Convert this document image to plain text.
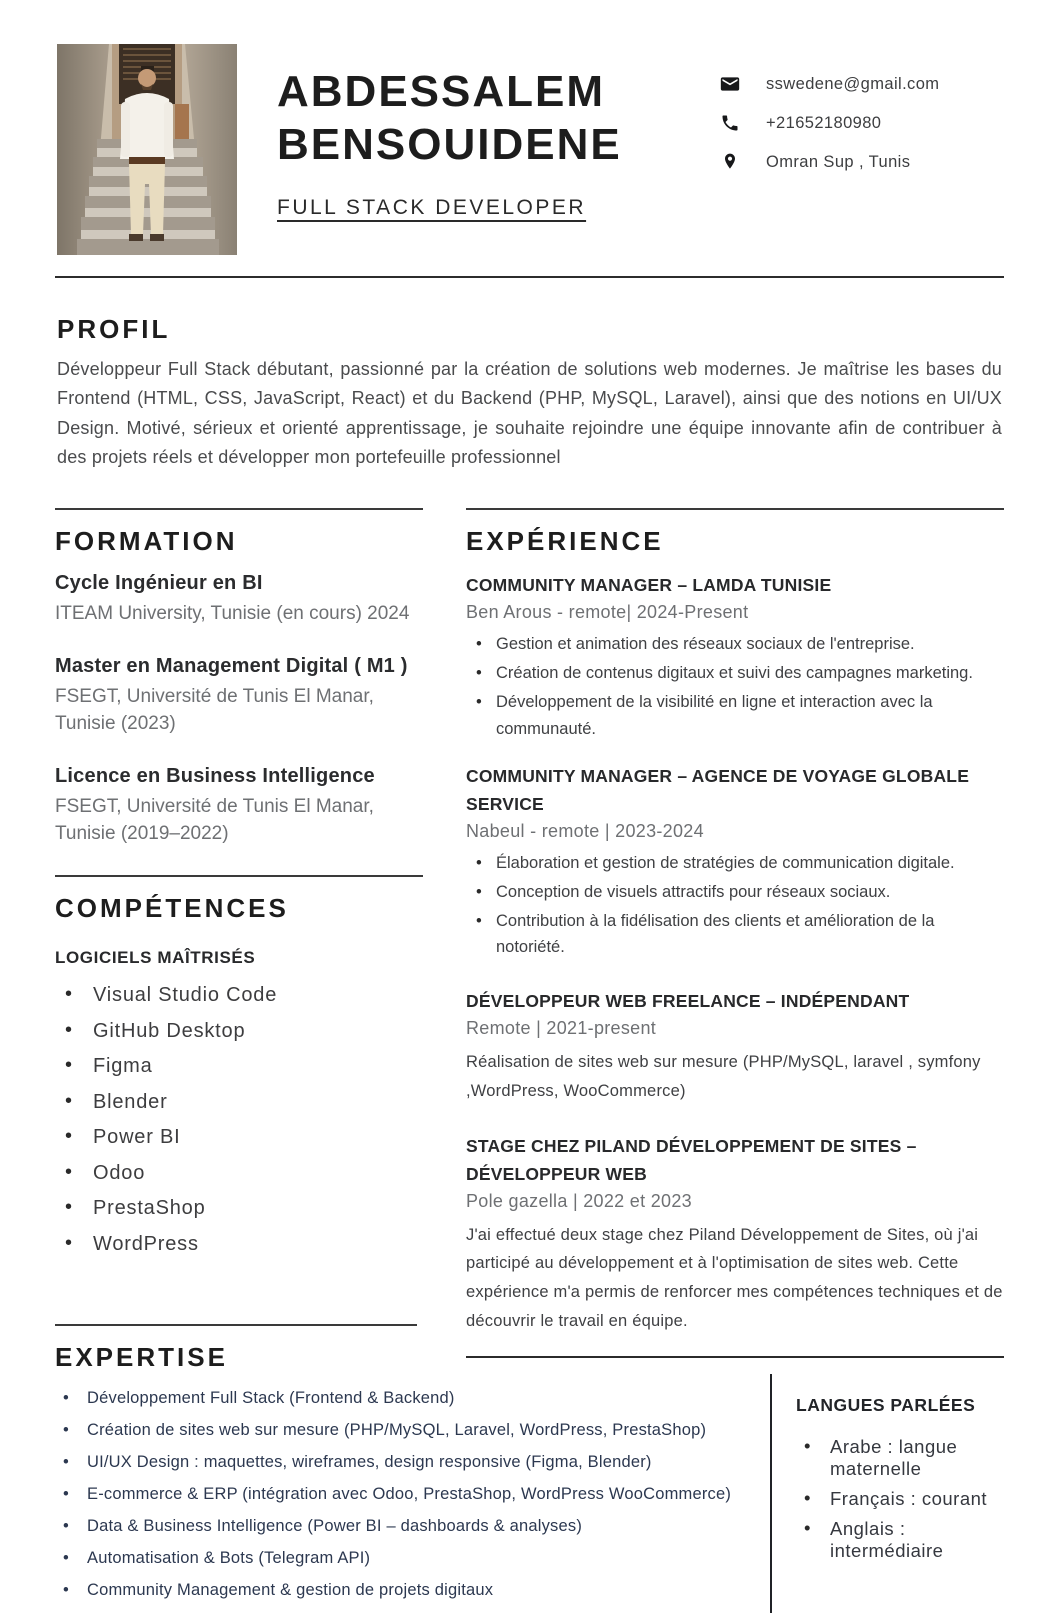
ABDESSALEM
BENSOUIDENE
FULL STACK DEVELOPER
sswedene@gmail.com
+21652180980
Omran Sup , Tunis
PROFIL

Développeur Full Stack débutant, passionné par la création de solutions web modernes. Je maîtrise les bases du Frontend (HTML, CSS, JavaScript, React) et du Backend (PHP, MySQL, Laravel), ainsi que des notions en UI/UX Design. Motivé, sérieux et orienté apprentissage, je souhaite rejoindre une équipe innovante afin de contribuer à des projets réels et développer mon portefeuille professionnel

FORMATION
Cycle Ingénieur en BI
ITEAM University, Tunisie (en cours) 2024
Master en Management Digital ( M1 )
FSEGT, Université de Tunis El Manar, Tunisie (2023)
Licence en Business Intelligence
FSEGT, Université de Tunis El Manar, Tunisie (2019–2022)
COMPÉTENCES
LOGICIELS MAÎTRISÉS
• Visual Studio Code
• GitHub Desktop
• Figma
• Blender
• Power BI
• Odoo
• PrestaShop
• WordPress
EXPÉRIENCE
COMMUNITY MANAGER – LAMDA TUNISIE
Ben Arous - remote| 2024-Present
• Gestion et animation des réseaux sociaux de l'entreprise.
• Création de contenus digitaux et suivi des campagnes marketing.
• Développement de la visibilité en ligne et interaction avec la communauté.
COMMUNITY MANAGER – AGENCE DE VOYAGE GLOBALE SERVICE
Nabeul - remote | 2023-2024
• Élaboration et gestion de stratégies de communication digitale.
• Conception de visuels attractifs pour réseaux sociaux.
• Contribution à la fidélisation des clients et amélioration de la notoriété.
DÉVELOPPEUR WEB FREELANCE – INDÉPENDANT
Remote | 2021-present

Réalisation de sites web sur mesure (PHP/MySQL, laravel , symfony ,WordPress, WooCommerce)

STAGE CHEZ PILAND DÉVELOPPEMENT DE SITES – DÉVELOPPEUR WEB
Pole gazella | 2022 et 2023

J'ai effectué deux stage chez Piland Développement de Sites, où j'ai participé au développement et à l'optimisation de sites web. Cette expérience m'a permis de renforcer mes compétences techniques et de découvrir le travail en équipe.

EXPERTISE
• Développement Full Stack (Frontend & Backend)
• Création de sites web sur mesure (PHP/MySQL, Laravel, WordPress, PrestaShop)
• UI/UX Design : maquettes, wireframes, design responsive (Figma, Blender)
• E-commerce & ERP (intégration avec Odoo, PrestaShop, WordPress WooCommerce)
• Data & Business Intelligence (Power BI – dashboards & analyses)
• Automatisation & Bots (Telegram API)
• Community Management & gestion de projets digitaux
LANGUES PARLÉES
• Arabe : langue maternelle
• Français : courant
• Anglais : intermédiaire
